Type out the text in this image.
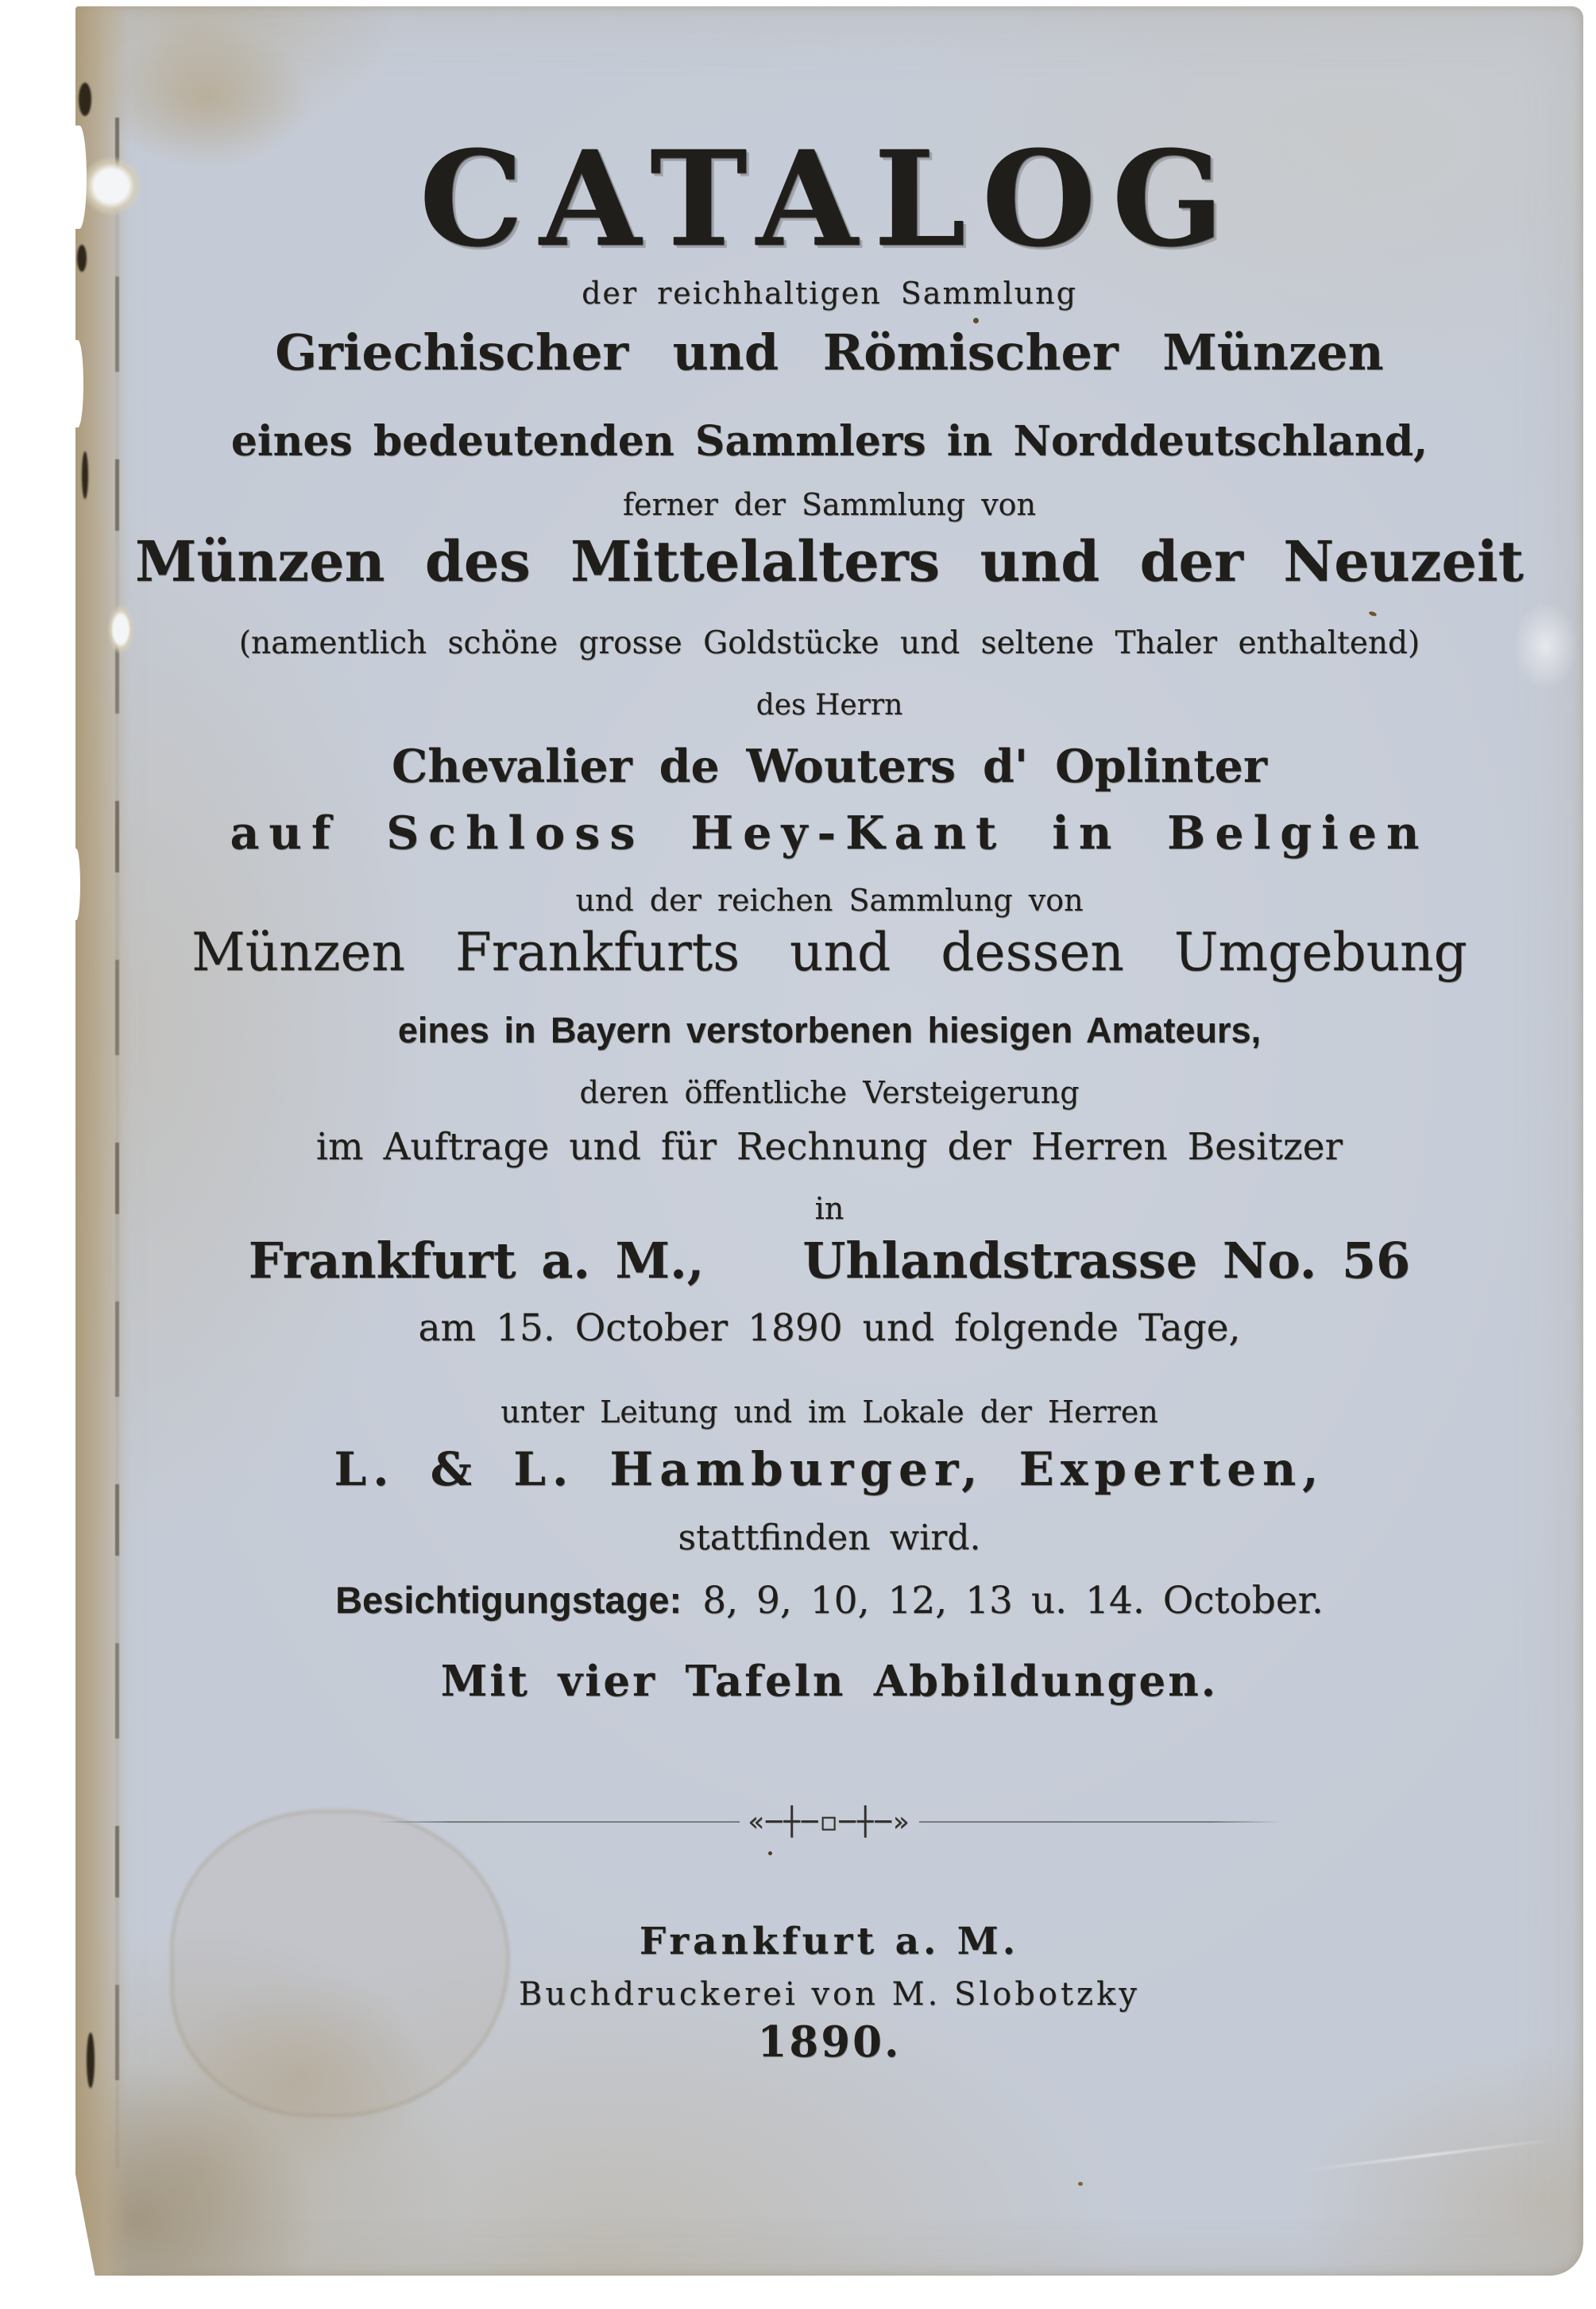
CATALOG
der reichhaltigen Sammlung
Griechischer und Römischer Münzen
eines bedeutenden Sammlers in Norddeutschland,
ferner der Sammlung von
Münzen des Mittelalters und der Neuzeit
(namentlich schöne grosse Goldstücke und seltene Thaler enthaltend)
des Herrn
Chevalier de Wouters d' Oplinter
auf Schloss Hey-Kant in Belgien
und der reichen Sammlung von
Münzen Frankfurts und dessen Umgebung
eines in Bayern verstorbenen hiesigen Amateurs,
deren öffentliche Versteigerung
im Auftrage und für Rechnung der Herren Besitzer
in
Frankfurt a. M.,  Uhlandstrasse No. 56
am 15. October 1890 und folgende Tage,
unter Leitung und im Lokale der Herren
L. & L. Hamburger, Experten,
stattfinden wird.
Besichtigungstage: 8, 9, 10, 12, 13 u. 14. October.
Mit vier Tafeln Abbildungen.
«─┼─▫─┼─»
Frankfurt a. M.
Buchdruckerei von M. Slobotzky
1890.
